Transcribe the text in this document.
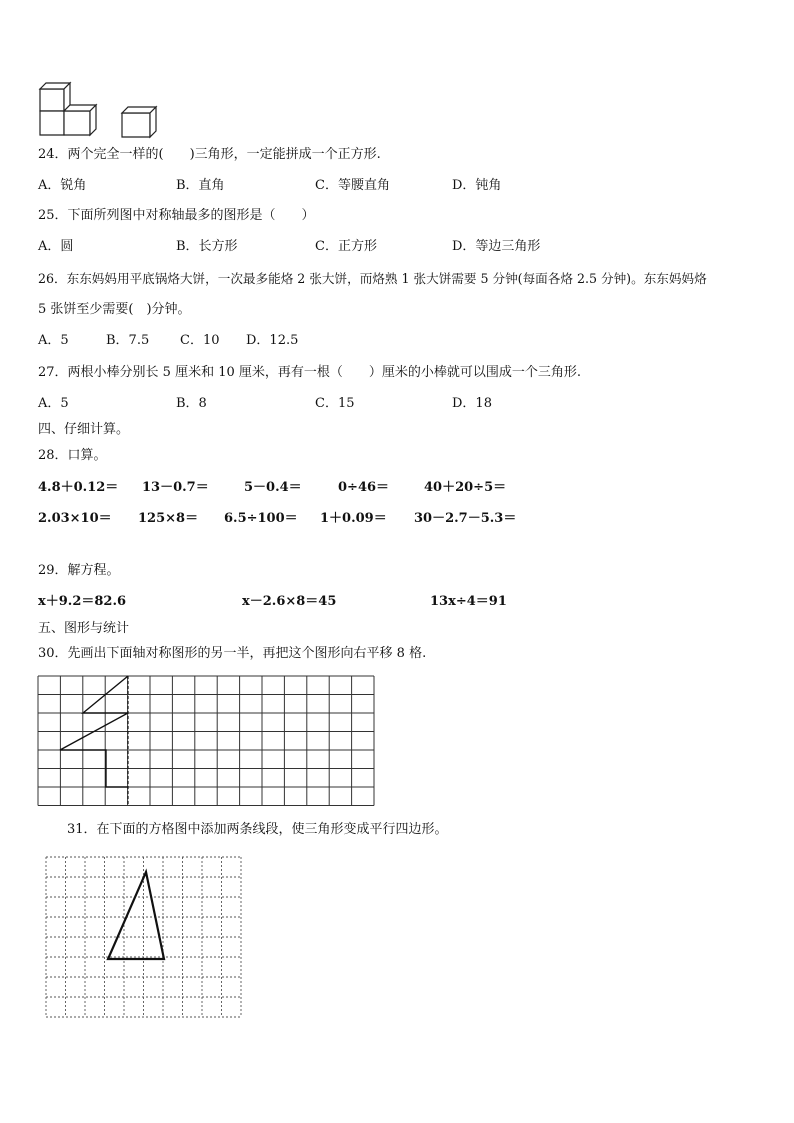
24．两个完全一样的(　　)三角形，一定能拼成一个正方形.
A．锐角	B．直角	C．等腰直角	D．钝角
25．下面所列图中对称轴最多的图形是（　　）
A．圆	B．长方形	C．正方形	D．等边三角形
26．东东妈妈用平底锅烙大饼，一次最多能烙 2 张大饼，而烙熟 1 张大饼需要 5 分钟(每面各烙 2.5 分钟)。东东妈妈烙
5 张饼至少需要(　)分钟。
A．5	B．7.5 C．10 D．12.5
27．两根小棒分别长 5 厘米和 10 厘米，再有一根（　　）厘米的小棒就可以围成一个三角形.
A．5	B．8	C．15	D．18
四、仔细计算。
28．口算。
4.8＋0.12＝ 13－0.7＝	5－0.4＝	0÷46＝	40＋20÷5＝
2.03×10＝ 125×8＝ 6.5÷100＝ 1＋0.09＝ 30－2.7－5.3＝
29．解方程。
x＋9.2＝82.6	x－2.6×8＝45	13x÷4＝91
五、图形与统计
30．先画出下面轴对称图形的另一半，再把这个图形向右平移 8 格.
31．在下面的方格图中添加两条线段，使三角形变成平行四边形。
